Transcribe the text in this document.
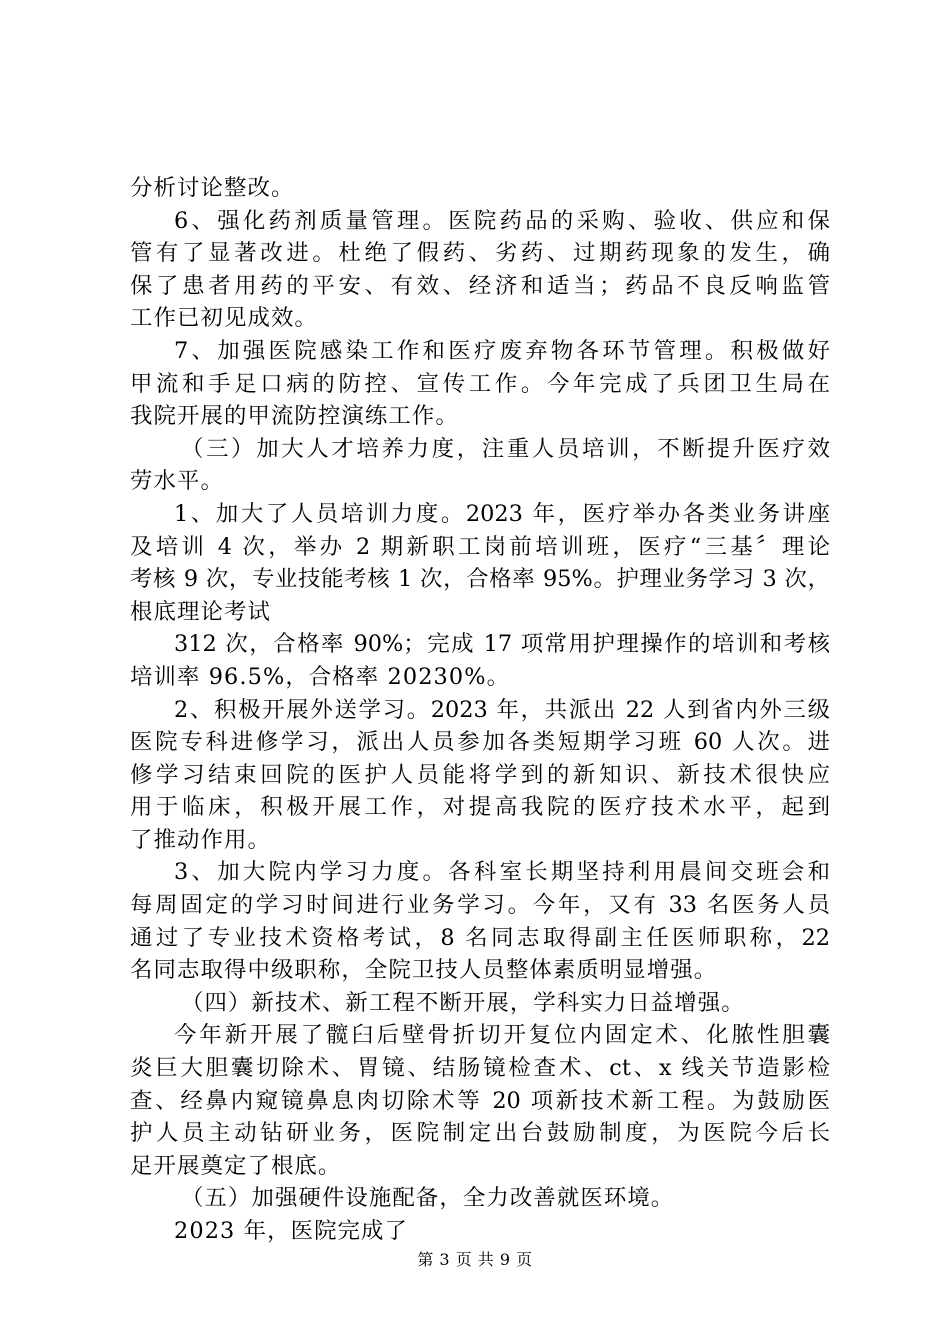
分析讨论整改。
6、强化药剂质量管理。医院药品的采购、验收、供应和保
管有了显著改进。杜绝了假药、劣药、过期药现象的发生，确
保了患者用药的平安、有效、经济和适当；药品不良反响监管
工作已初见成效。
7、加强医院感染工作和医疗废弃物各环节管理。积极做好
甲流和手足口病的防控、宣传工作。今年完成了兵团卫生局在
我院开展的甲流防控演练工作。
（三）加大人才培养力度，注重人员培训，不断提升医疗效
劳水平。
1、加大了人员培训力度。2023 年，医疗举办各类业务讲座
及培训 4 次，举办 2 期新职工岗前培训班，医疗“三基〞理论
考核 9 次，专业技能考核 1 次，合格率 95%。护理业务学习 3 次，
根底理论考试
312 次，合格率 90%；完成 17 项常用护理操作的培训和考核
培训率 96.5%，合格率 20230%。
2、积极开展外送学习。2023 年，共派出 22 人到省内外三级
医院专科进修学习，派出人员参加各类短期学习班 60 人次。进
修学习结束回院的医护人员能将学到的新知识、新技术很快应
用于临床，积极开展工作，对提高我院的医疗技术水平，起到
了推动作用。
3、加大院内学习力度。各科室长期坚持利用晨间交班会和
每周固定的学习时间进行业务学习。今年，又有 33 名医务人员
通过了专业技术资格考试，8 名同志取得副主任医师职称，22
名同志取得中级职称，全院卫技人员整体素质明显增强。
（四）新技术、新工程不断开展，学科实力日益增强。
今年新开展了髋臼后壁骨折切开复位内固定术、化脓性胆囊
炎巨大胆囊切除术、胃镜、结肠镜检查术、ct、x 线关节造影检
查、经鼻内窥镜鼻息肉切除术等 20 项新技术新工程。为鼓励医
护人员主动钻研业务，医院制定出台鼓励制度，为医院今后长
足开展奠定了根底。
（五）加强硬件设施配备，全力改善就医环境。
2023 年，医院完成了
第 3 页 共 9 页
